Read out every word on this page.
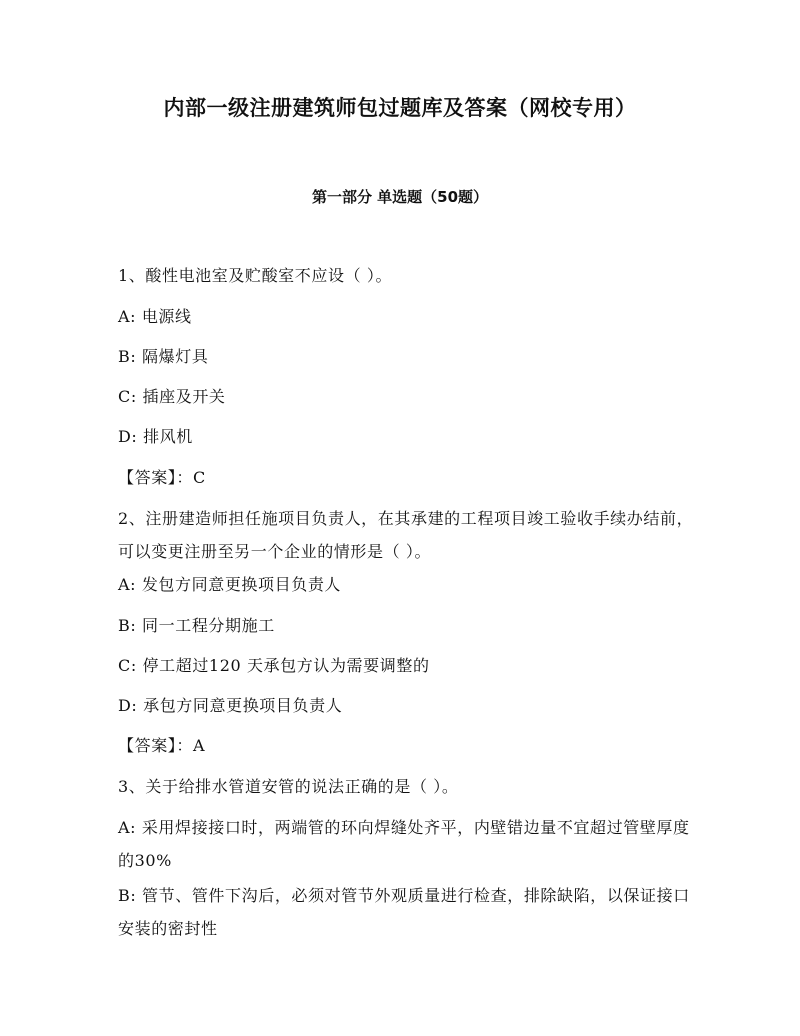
内部一级注册建筑师包过题库及答案（网校专用）
第一部分 单选题（50题）
1、酸性电池室及贮酸室不应设（ ）。
A: 电源线
B: 隔爆灯具
C: 插座及开关
D: 排风机
【答案】：C
2、注册建造师担任施项目负责人，在其承建的工程项目竣工验收手续办结前，可以变更注册至另一个企业的情形是（ ）。
A: 发包方同意更换项目负责人
B: 同一工程分期施工
C: 停工超过120 天承包方认为需要调整的
D: 承包方同意更换项目负责人
【答案】：A
3、关于给排水管道安管的说法正确的是（ ）。
A: 采用焊接接口时，两端管的环向焊缝处齐平，内壁错边量不宜超过管壁厚度的30%
B: 管节、管件下沟后，必须对管节外观质量进行检查，排除缺陷，以保证接口安装的密封性
